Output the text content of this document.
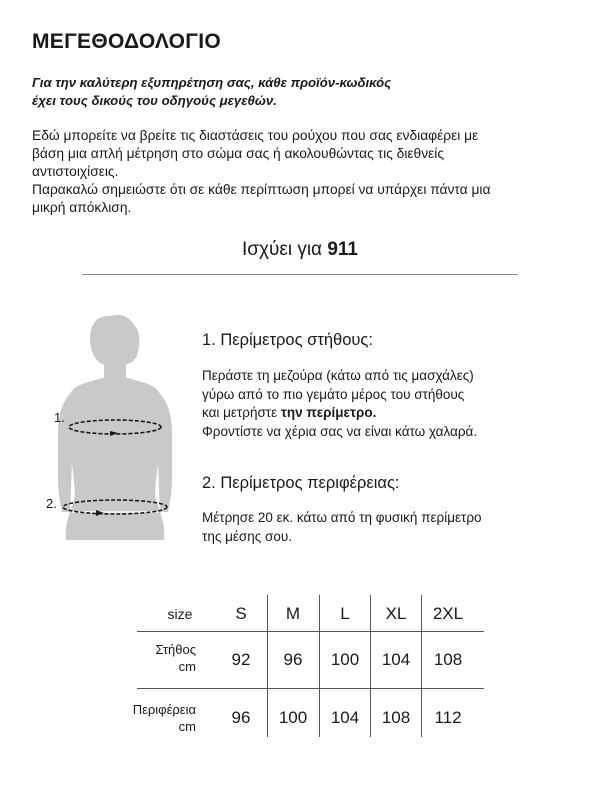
ΜΕΓΕΘΟΔΟΛΟΓΙΟ
Για την καλύτερη εξυπηρέτηση σας, κάθε προϊόν-κωδικός
έχει τους δικούς του οδηγούς μεγεθών.
Εδώ μπορείτε να βρείτε τις διαστάσεις του ρούχου που σας ενδιαφέρει με
βάση μια απλή μέτρηση στο σώμα σας ή ακολουθώντας τις διεθνείς
αντιστοιχίσεις.
Παρακαλώ σημειώστε ότι σε κάθε περίπτωση μπορεί να υπάρχει πάντα μια
μικρή απόκλιση.
Ισχύει για 911
1.
2.
1. Περίμετρος στήθους:
Περάστε τη μεζούρα (κάτω από τις μασχάλες)
γύρω από το πιο γεμάτο μέρος του στήθους
και μετρήστε την περίμετρο.
Φροντίστε να χέρια σας να είναι κάτω χαλαρά.
2. Περίμετρος περιφέρειας:
Μέτρησε 20 εκ. κάτω από τη φυσική περίμετρο
της μέσης σου.
size	S	M	L	XL	2XL
Στήθος
cm	92	96	100	104	108
Περιφέρεια
cm	96	100	104	108	112
